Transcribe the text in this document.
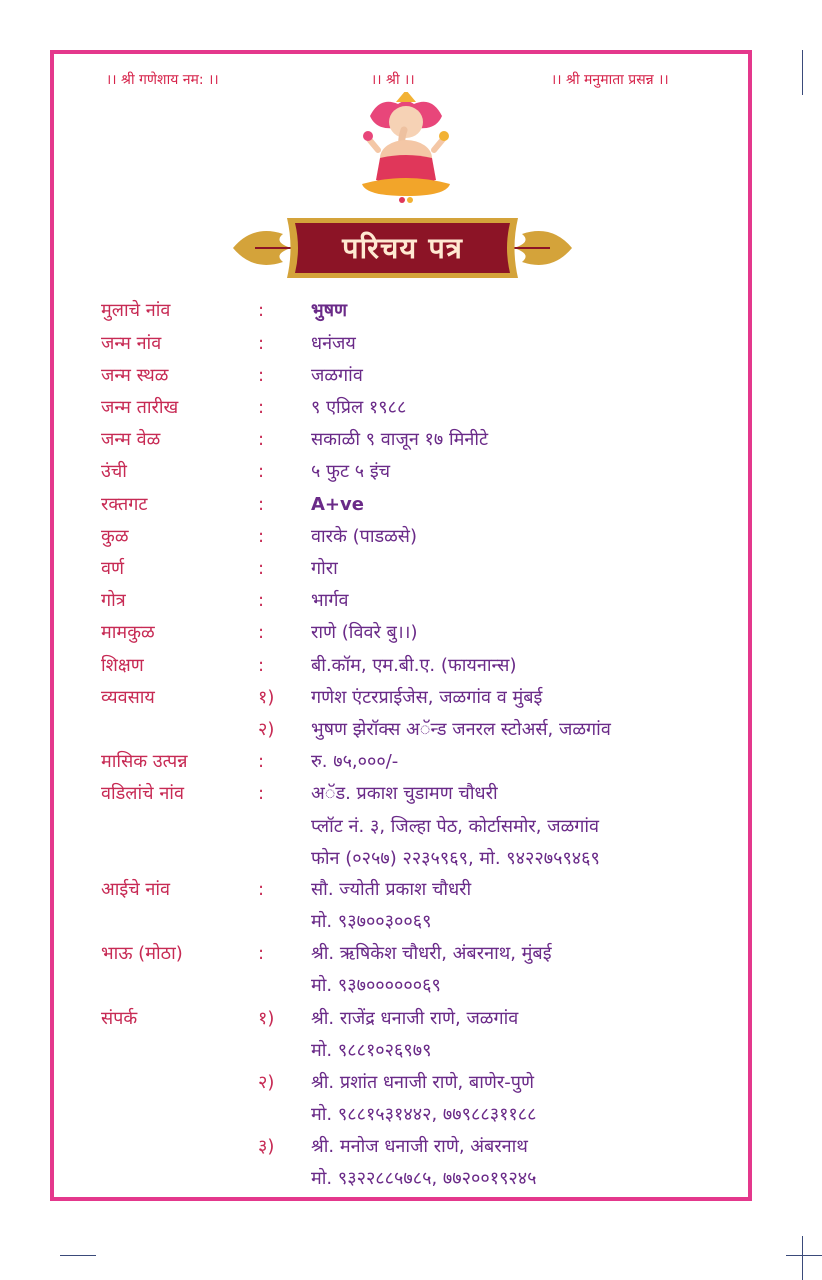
।। श्री गणेशाय नम: ।।	।। श्री ।।	।। श्री मनुमाता प्रसन्न ।।
परिचय पत्र
मुलाचे नांव	:	भुषण
जन्म नांव	:	धनंजय
जन्म स्थळ	:	जळगांव
जन्म तारीख	:	९ एप्रिल १९८८
जन्म वेळ	:	सकाळी ९ वाजून १७ मिनीटे
उंची	:	५ फुट ५ इंच
रक्तगट	:	A+ve
कुळ	:	वारके (पाडळसे)
वर्ण	:	गोरा
गोत्र	:	भार्गव
मामकुळ	:	राणे (विवरे बु।।)
शिक्षण	:	बी.कॉम, एम.बी.ए. (फायनान्स)
व्यवसाय	१) गणेश एंटरप्राईजेस, जळगांव व मुंबई
२) भुषण झेरॉक्स अॅन्ड जनरल स्टोअर्स, जळगांव
मासिक उत्पन्न	:	रु. ७५,०००/-
वडिलांचे नांव	:	अॅड. प्रकाश चुडामण चौधरी
प्लॉट नं. ३, जिल्हा पेठ, कोर्टासमोर, जळगांव
फोन (०२५७) २२३५९६९, मो. ९४२२७५९४६९
आईचे नांव	:	सौ. ज्योती प्रकाश चौधरी
मो. ९३७००३००६९
भाऊ (मोठा)	:	श्री. ऋषिकेश चौधरी, अंबरनाथ, मुंबई
मो. ९३७००००००६९
संपर्क	१) श्री. राजेंद्र धनाजी राणे, जळगांव
मो. ९८८१०२६९७९
२) श्री. प्रशांत धनाजी राणे, बाणेर-पुणे
मो. ९८८१५३१४४२, ७७९८८३११८८
३) श्री. मनोज धनाजी राणे, अंबरनाथ
मो. ९३२२८८५७८५, ७७२००१९२४५
